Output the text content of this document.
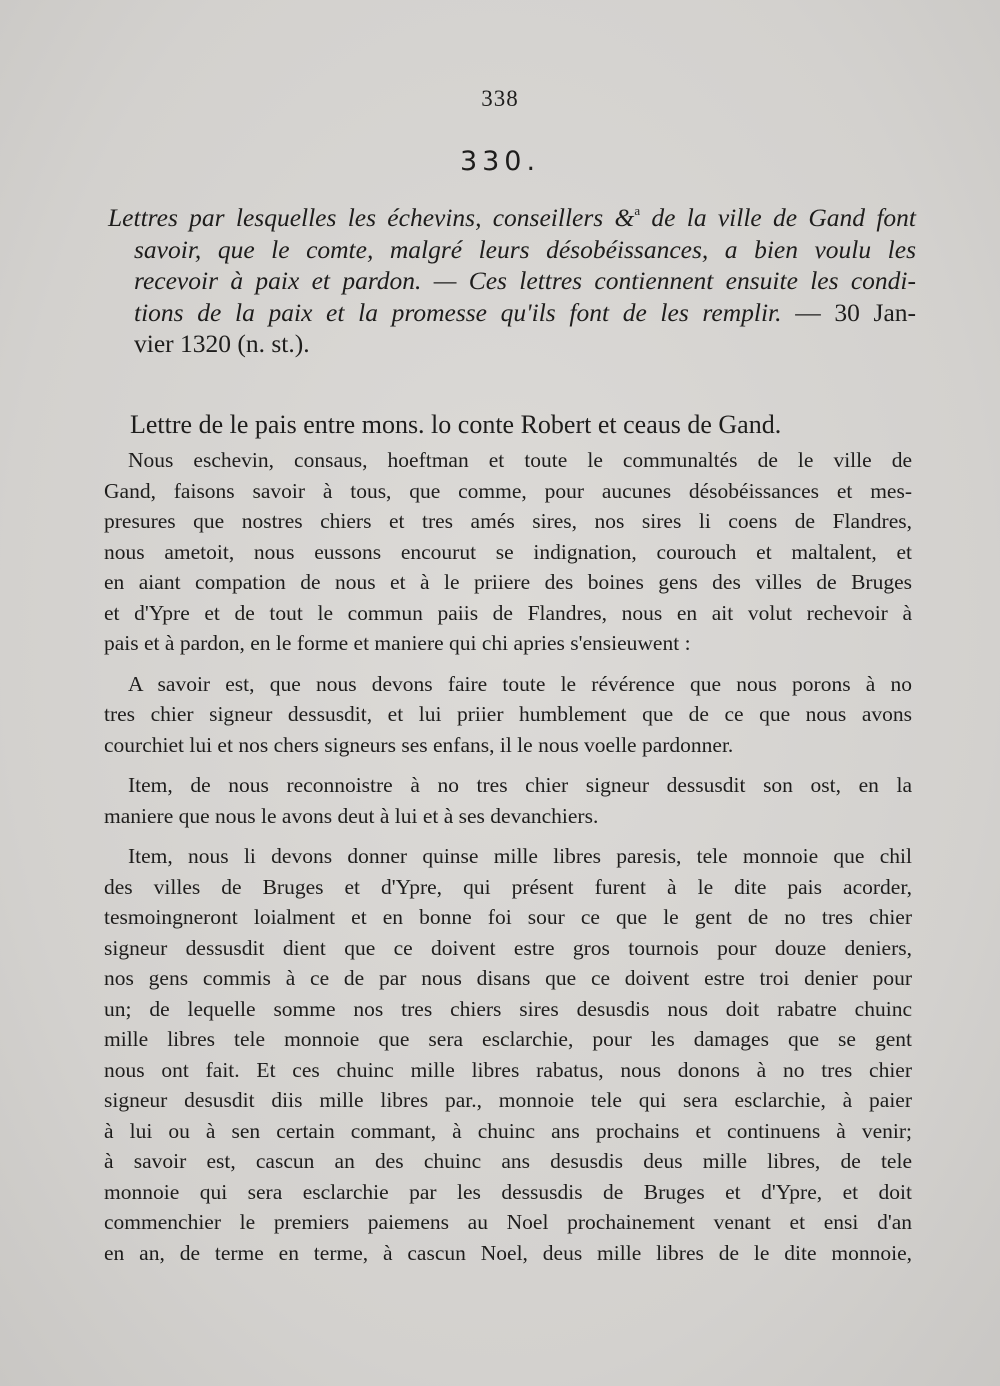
338
330.
Lettres par lesquelles les échevins, conseillers &$^a$ de la ville de Gand font
savoir, que le comte, malgré leurs désobéissances, a bien voulu les
recevoir à paix et pardon. — Ces lettres contiennent ensuite les condi-
tions de la paix et la promesse qu'ils font de les remplir. — 30 Jan-
vier 1320 (n. st.).
Lettre de le pais entre mons. lo conte Robert et ceaus de Gand.
Nous eschevin, consaus, hoeftman et toute le communaltés de le ville de
Gand, faisons savoir à tous, que comme, pour aucunes désobéissances et mes-
presures que nostres chiers et tres amés sires, nos sires li coens de Flandres,
nous ametoit, nous eussons encourut se indignation, courouch et maltalent, et
en aiant compation de nous et à le priiere des boines gens des villes de Bruges
et d'Ypre et de tout le commun paiis de Flandres, nous en ait volut rechevoir à
pais et à pardon, en le forme et maniere qui chi apries s'ensieuwent :
A savoir est, que nous devons faire toute le révérence que nous porons à no
tres chier signeur dessusdit, et lui priier humblement que de ce que nous avons
courchiet lui et nos chers signeurs ses enfans, il le nous voelle pardonner.
Item, de nous reconnoistre à no tres chier signeur dessusdit son ost, en la
maniere que nous le avons deut à lui et à ses devanchiers.
Item, nous li devons donner quinse mille libres paresis, tele monnoie que chil
des villes de Bruges et d'Ypre, qui présent furent à le dite pais acorder,
tesmoingneront loialment et en bonne foi sour ce que le gent de no tres chier
signeur dessusdit dient que ce doivent estre gros tournois pour douze deniers,
nos gens commis à ce de par nous disans que ce doivent estre troi denier pour
un; de lequelle somme nos tres chiers sires desusdis nous doit rabatre chuinc
mille libres tele monnoie que sera esclarchie, pour les damages que se gent
nous ont fait. Et ces chuinc mille libres rabatus, nous donons à no tres chier
signeur desusdit diis mille libres par., monnoie tele qui sera esclarchie, à paier
à lui ou à sen certain commant, à chuinc ans prochains et continuens à venir;
à savoir est, cascun an des chuinc ans desusdis deus mille libres, de tele
monnoie qui sera esclarchie par les dessusdis de Bruges et d'Ypre, et doit
commenchier le premiers paiemens au Noel prochainement venant et ensi d'an
en an, de terme en terme, à cascun Noel, deus mille libres de le dite monnoie,
